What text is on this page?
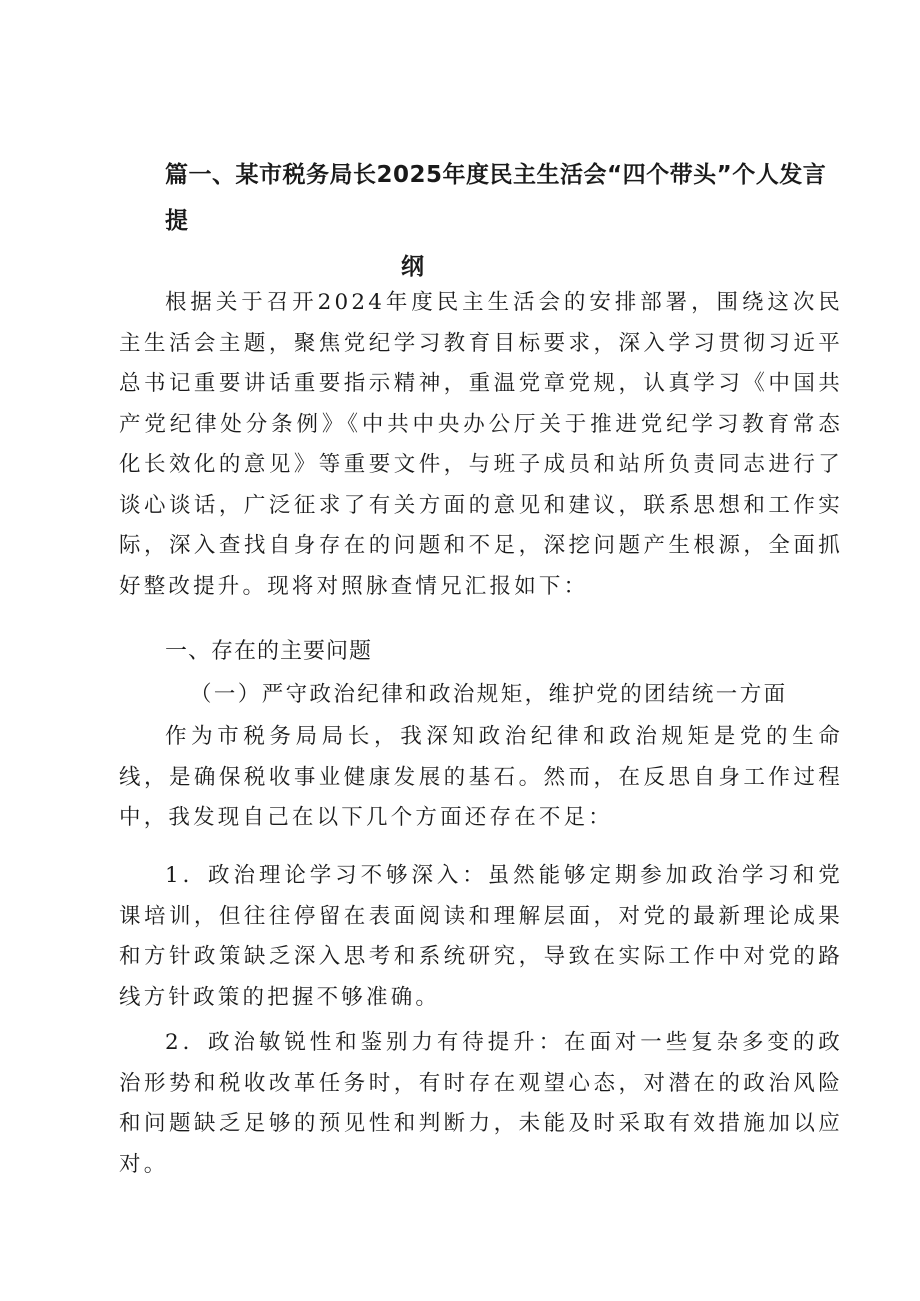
篇一、某市税务局长2025年度民主生活会“四个带头”个人发言提
纲
根据关于召开2024年度民主生活会的安排部署，围绕这次民主生活会主题，聚焦党纪学习教育目标要求，深入学习贯彻习近平总书记重要讲话重要指示精神，重温党章党规，认真学习《中国共产党纪律处分条例》《中共中央办公厅关于推进党纪学习教育常态化长效化的意见》等重要文件，与班子成员和站所负责同志进行了谈心谈话，广泛征求了有关方面的意见和建议，联系思想和工作实际，深入查找自身存在的问题和不足，深挖问题产生根源，全面抓好整改提升。现将对照脉查情兄汇报如下：
一、存在的主要问题
（一）严守政治纪律和政治规矩，维护党的团结统一方面
作为市税务局局长，我深知政治纪律和政治规矩是党的生命线，是确保税收事业健康发展的基石。然而，在反思自身工作过程中，我发现自己在以下几个方面还存在不足：
1．政治理论学习不够深入：虽然能够定期参加政治学习和党课培训，但往往停留在表面阅读和理解层面，对党的最新理论成果和方针政策缺乏深入思考和系统研究，导致在实际工作中对党的路线方针政策的把握不够准确。
2．政治敏锐性和鉴别力有待提升：在面对一些复杂多变的政治形势和税收改革任务时，有时存在观望心态，对潜在的政治风险和问题缺乏足够的预见性和判断力，未能及时采取有效措施加以应对。
